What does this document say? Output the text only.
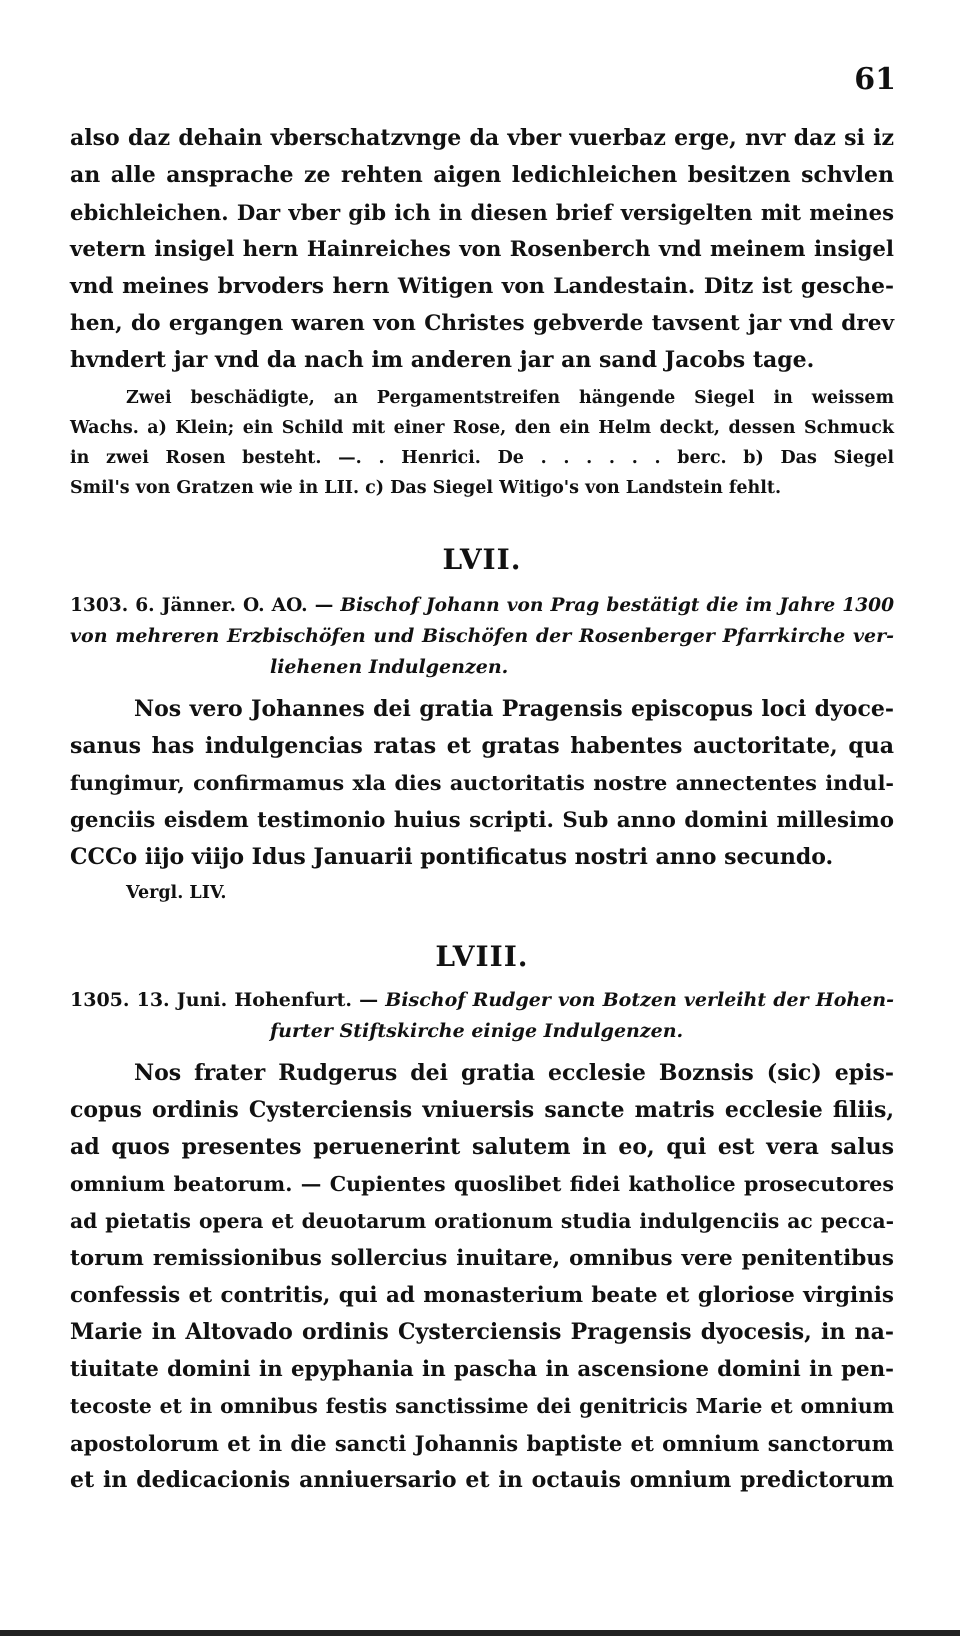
61
also daz dehain vberschatzvnge da vber vuerbaz erge, nvr daz si iz
an alle ansprache ze rehten aigen ledichleichen besitzen schvlen
ebichleichen. Dar vber gib ich in diesen brief versigelten mit meines
vetern insigel hern Hainreiches von Rosenberch vnd meinem insigel
vnd meines brvoders hern Witigen von Landestain. Ditz ist gesche-
hen, do ergangen waren von Christes gebverde tavsent jar vnd drev
hvndert jar vnd da nach im anderen jar an sand Jacobs tage.
Zwei beschädigte, an Pergamentstreifen hängende Siegel in weissem
Wachs. a) Klein; ein Schild mit einer Rose, den ein Helm deckt, dessen Schmuck
in zwei Rosen besteht. —. . Henrici. De . . . . . . berc. b) Das Siegel
Smil's von Gratzen wie in LII. c) Das Siegel Witigo's von Landstein fehlt.
LVII.
1303. 6. Jänner. O. AO. — Bischof Johann von Prag bestätigt die im Jahre 1300
von mehreren Erzbischöfen und Bischöfen der Rosenberger Pfarrkirche ver-
liehenen Indulgenzen.
Nos vero Johannes dei gratia Pragensis episcopus loci dyoce-
sanus has indulgencias ratas et gratas habentes auctoritate, qua
fungimur, confirmamus xla dies auctoritatis nostre annectentes indul-
genciis eisdem testimonio huius scripti. Sub anno domini millesimo
CCCo iijo viijo Idus Januarii pontificatus nostri anno secundo.
Vergl. LIV.
LVIII.
1305. 13. Juni. Hohenfurt. — Bischof Rudger von Botzen verleiht der Hohen-
furter Stiftskirche einige Indulgenzen.
Nos frater Rudgerus dei gratia ecclesie Boznsis (sic) epis-
copus ordinis Cysterciensis vniuersis sancte matris ecclesie filiis,
ad quos presentes peruenerint salutem in eo, qui est vera salus
omnium beatorum. — Cupientes quoslibet fidei katholice prosecutores
ad pietatis opera et deuotarum orationum studia indulgenciis ac pecca-
torum remissionibus sollercius inuitare, omnibus vere penitentibus
confessis et contritis, qui ad monasterium beate et gloriose virginis
Marie in Altovado ordinis Cysterciensis Pragensis dyocesis, in na-
tiuitate domini in epyphania in pascha in ascensione domini in pen-
tecoste et in omnibus festis sanctissime dei genitricis Marie et omnium
apostolorum et in die sancti Johannis baptiste et omnium sanctorum
et in dedicacionis anniuersario et in octauis omnium predictorum
